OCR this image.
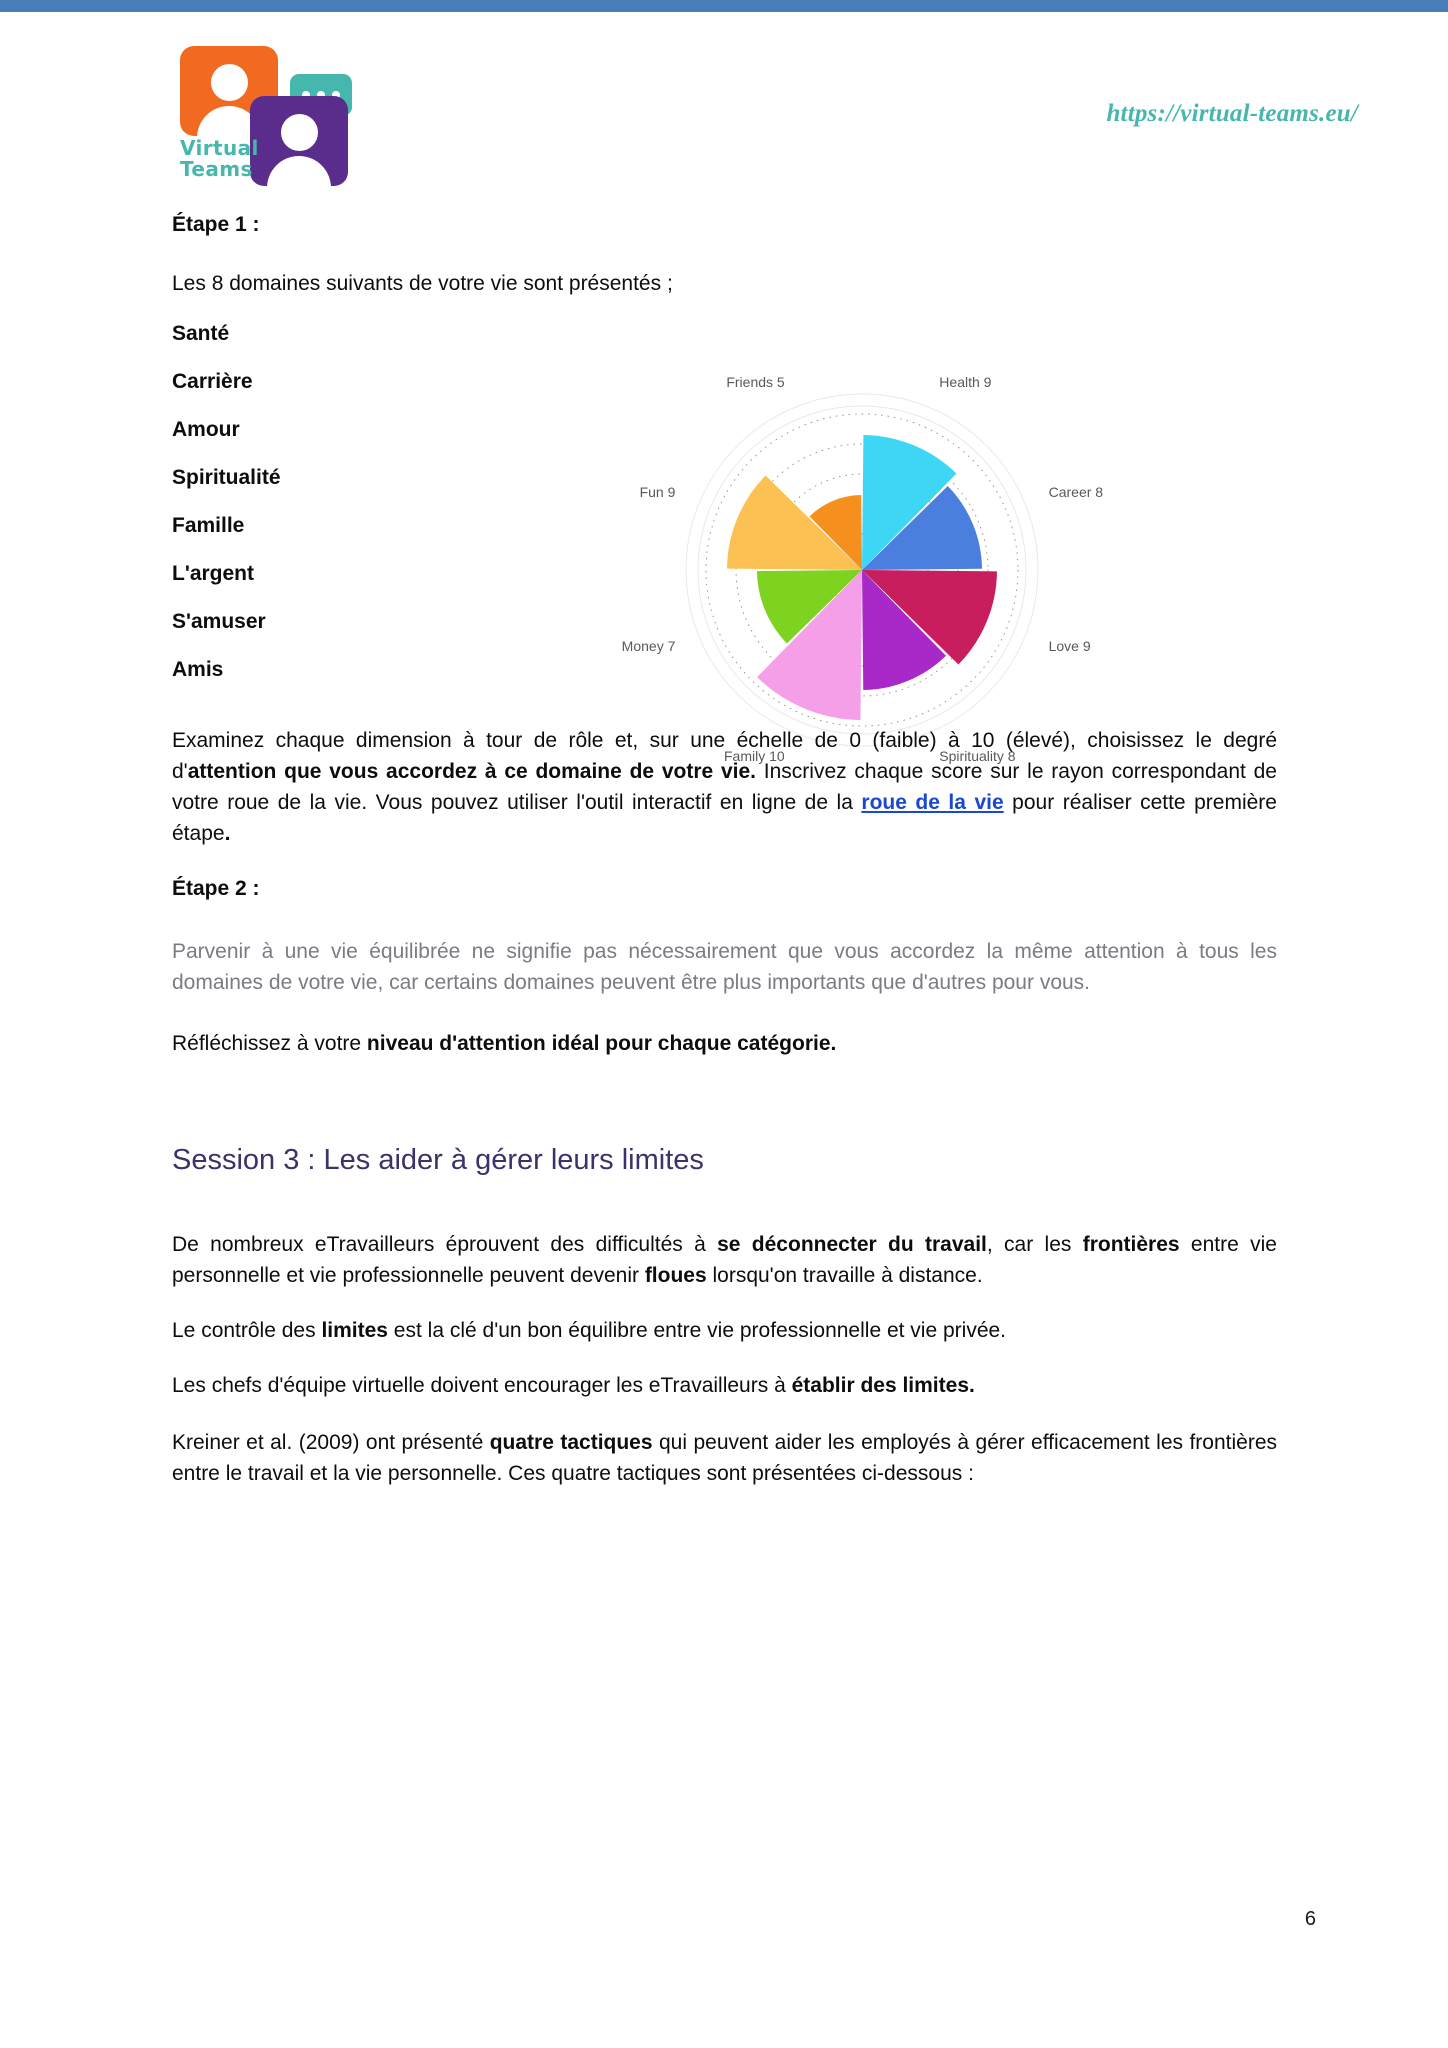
Virtual
Teams
https://virtual-teams.eu/
Health 9
Career 8
Love 9
Spirituality 8
Family 10
Money 7
Fun 9
Friends 5
Étape 1 :
Les 8 domaines suivants de votre vie sont présentés ;
Santé
Carrière
Amour
Spiritualité
Famille
L'argent
S'amuser
Amis
Examinez chaque dimension à tour de rôle et, sur une échelle de 0 (faible) à 10 (élevé), choisissez le degré d'attention que vous accordez à ce domaine de votre vie. Inscrivez chaque score sur le rayon correspondant de votre roue de la vie. Vous pouvez utiliser l'outil interactif en ligne de la roue de la vie pour réaliser cette première étape.
Étape 2 :
Parvenir à une vie équilibrée ne signifie pas nécessairement que vous accordez la même attention à tous les domaines de votre vie, car certains domaines peuvent être plus importants que d'autres pour vous.
Réfléchissez à votre niveau d'attention idéal pour chaque catégorie.
Session 3 : Les aider à gérer leurs limites
De nombreux eTravailleurs éprouvent des difficultés à se déconnecter du travail, car les frontières entre vie personnelle et vie professionnelle peuvent devenir floues lorsqu'on travaille à distance.
Le contrôle des limites est la clé d'un bon équilibre entre vie professionnelle et vie privée.
Les chefs d'équipe virtuelle doivent encourager les eTravailleurs à établir des limites.
Kreiner et al. (2009) ont présenté quatre tactiques qui peuvent aider les employés à gérer efficacement les frontières entre le travail et la vie personnelle. Ces quatre tactiques sont présentées ci-dessous :
6
